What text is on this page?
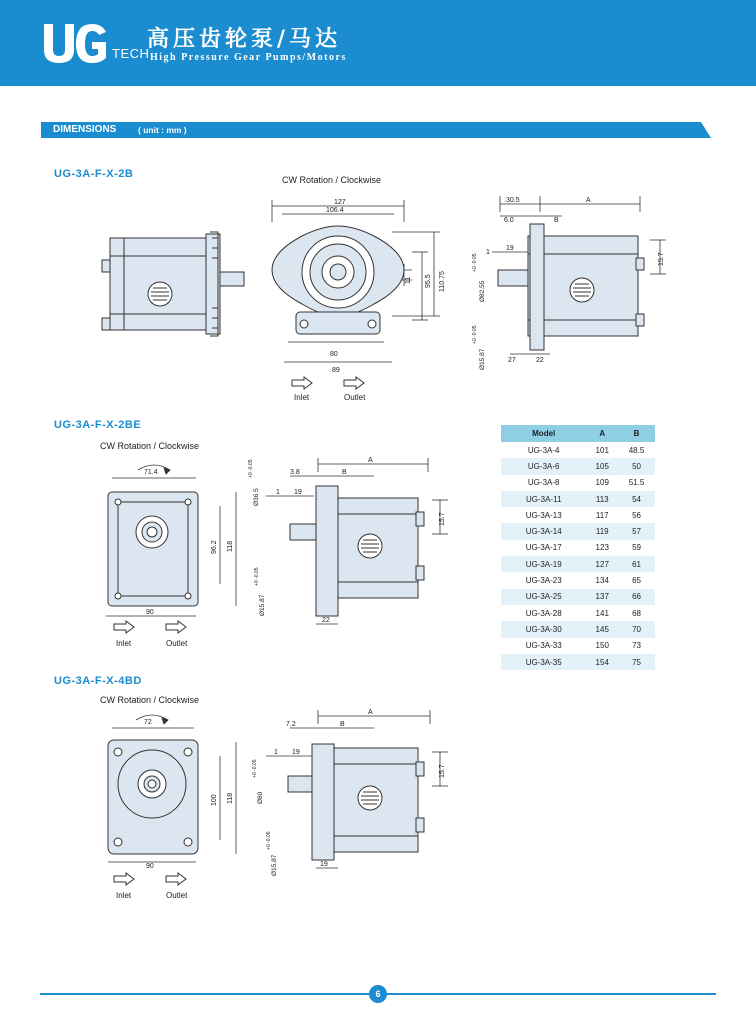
TECH
高压齿轮泵/马达
High Pressure Gear Pumps/Motors
DIMENSIONS	( unit : mm )
UG-3A-F-X-2B	CW Rotation / Clockwise
127
106.4
80
89
11 95.5 110.75
Inlet	Outlet
30.5	A
6.0	B
19
1	15.7
27	22
Ø82.55
+0 -0.05
Ø15.87
+0 -0.05
UG-3A-F-X-2BE
CW Rotation / Clockwise
71.4
96.2 118
90
Inlet	Outlet
A
3.8	B
19
1
15.7
22
Ø36.5
+0 -0.05
Ø15.87
+0 -0.05
Model	A	B
UG-3A-4	101	48.5
UG-3A-6	105	50
UG-3A-8	109	51.5
UG-3A-11	113	54
UG-3A-13	117	56
UG-3A-14	119	57
UG-3A-17	123	59
UG-3A-19	127	61
UG-3A-23	134	65
UG-3A-25	137	66
UG-3A-28	141	68
UG-3A-30	145	70
UG-3A-33	150	73
UG-3A-35	154	75
UG-3A-F-X-4BD
CW Rotation / Clockwise
72
100 118
90
Inlet	Outlet
A
7.2	B
19
1
15.7
19
Ø80
+0 -0.05
Ø15.87
+0 -0.05
6
